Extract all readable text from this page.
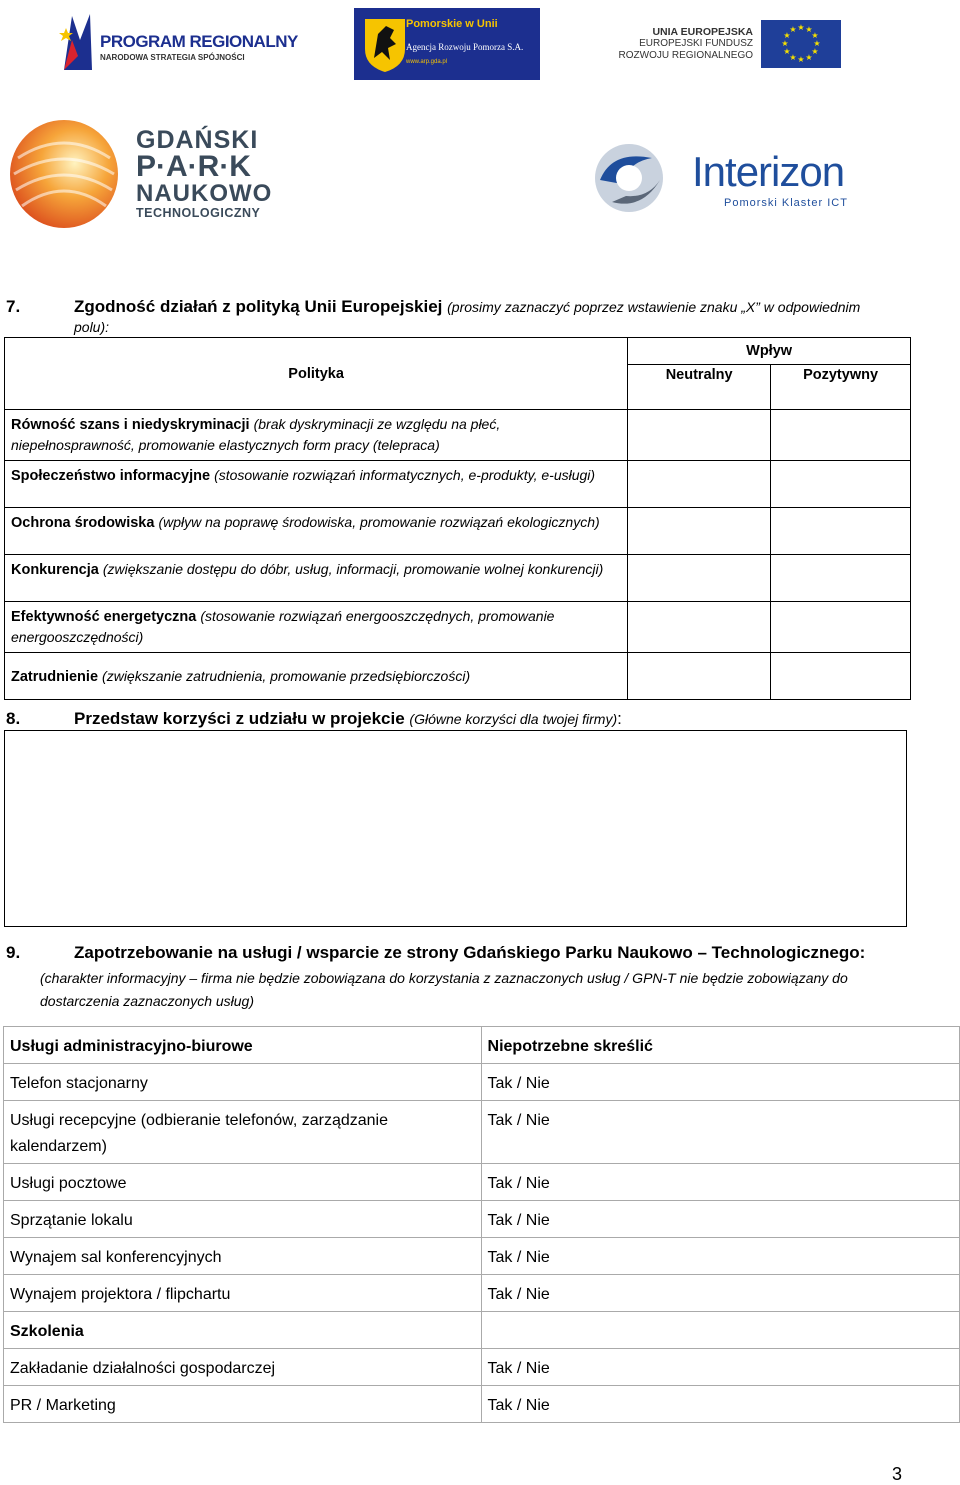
PROGRAM REGIONALNY
NARODOWA STRATEGIA SPÓJNOŚCI
Pomorskie w Unii
Agencja Rozwoju Pomorza S.A.
www.arp.gda.pl
UNIA EUROPEJSKA
EUROPEJSKI FUNDUSZ
ROZWOJU REGIONALNEGO
★ ★
★
★
★
★
★
★
★
★
★
★
GDAŃSKI
P·A·R·K
NAUKOWO
TECHNOLOGICZNY
Interizon
Pomorski Klaster ICT
7.	Zgodność działań z polityką Unii Europejskiej (prosimy zaznaczyć poprzez wstawienie znaku „X” w odpowiednim polu):
Polityka	Wpływ	
	Neutralny	Pozytywny
Równość szans i niedyskryminacji (brak dyskryminacji ze względu na płeć, niepełnosprawność, promowanie elastycznych form pracy (telepraca)		
Społeczeństwo informacyjne (stosowanie rozwiązań informatycznych, e-produkty, e-usługi)		
Ochrona środowiska (wpływ na poprawę środowiska, promowanie rozwiązań ekologicznych)		
Konkurencja (zwiększanie dostępu do dóbr, usług, informacji, promowanie wolnej konkurencji)		
Efektywność energetyczna (stosowanie rozwiązań energooszczędnych, promowanie energooszczędności)		
Zatrudnienie (zwiększanie zatrudnienia, promowanie przedsiębiorczości)		
8.	Przedstaw korzyści z udziału w projekcie (Główne korzyści dla twojej firmy):
9.	Zapotrzebowanie na usługi / wsparcie ze strony Gdańskiego Parku Naukowo – Technologicznego:
(charakter informacyjny – firma nie będzie zobowiązana do korzystania z zaznaczonych usług / GPN-T nie będzie zobowiązany do dostarczenia zaznaczonych usług)
Usługi administracyjno-biurowe	Niepotrzebne skreślić
Telefon stacjonarny	Tak / Nie
Usługi recepcyjne (odbieranie telefonów, zarządzanie kalendarzem)	Tak / Nie
Usługi pocztowe	Tak / Nie
Sprzątanie lokalu	Tak / Nie
Wynajem sal konferencyjnych	Tak / Nie
Wynajem projektora / flipchartu	Tak / Nie
Szkolenia	
Zakładanie działalności gospodarczej	Tak / Nie
PR / Marketing	Tak / Nie
3
